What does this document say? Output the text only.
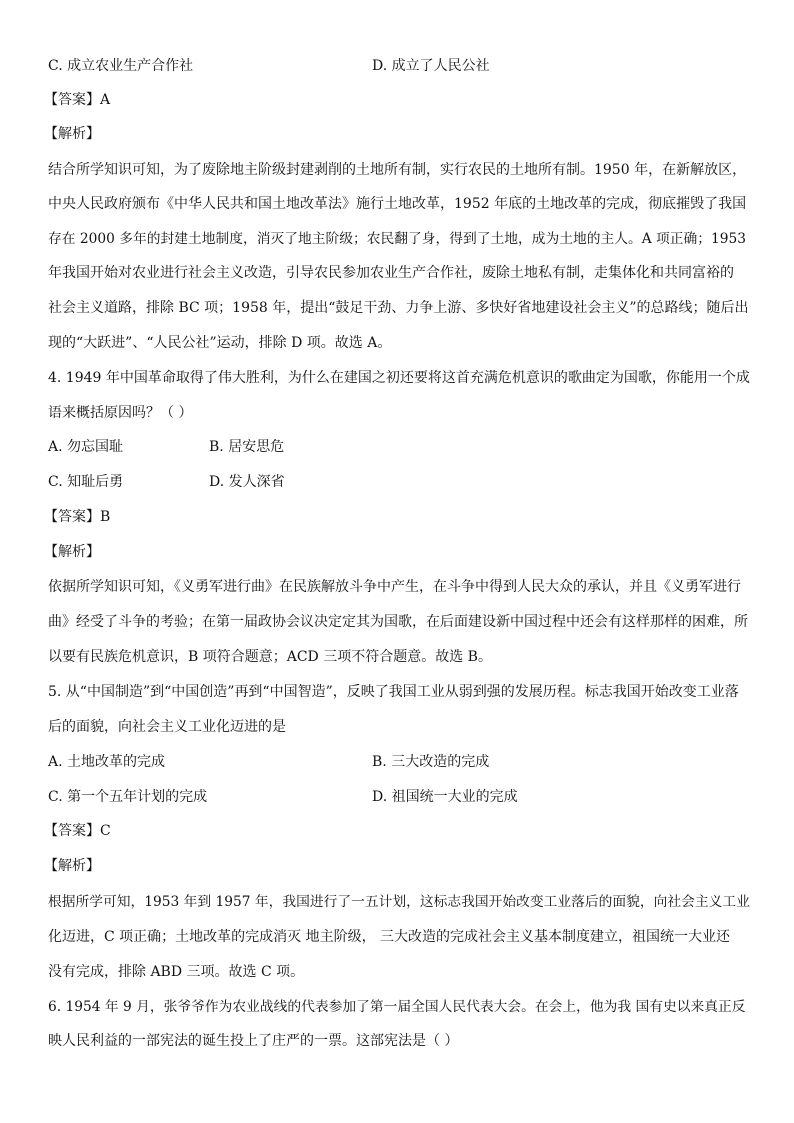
C. 成立农业生产合作社	D. 成立了人民公社
【答案】A
【解析】
结合所学知识可知，为了废除地主阶级封建剥削的土地所有制，实行农民的土地所有制。1950 年，在新解放区，
中央人民政府颁布《中华人民共和国土地改革法》施行土地改革，1952 年底的土地改革的完成，彻底摧毁了我国
存在 2000 多年的封建土地制度，消灭了地主阶级；农民翻了身，得到了土地，成为土地的主人。A 项正确；1953
年我国开始对农业进行社会主义改造，引导农民参加农业生产合作社，废除土地私有制，走集体化和共同富裕的
社会主义道路，排除 BC 项；1958 年，提出“鼓足干劲、力争上游、多快好省地建设社会主义”的总路线；随后出
现的“大跃进”、“人民公社”运动，排除 D 项。故选 A。
4. 1949 年中国革命取得了伟大胜利，为什么在建国之初还要将这首充满危机意识的歌曲定为国歌，你能用一个成
语来概括原因吗？（ ）
A. 勿忘国耻	B. 居安思危
C. 知耻后勇	D. 发人深省
【答案】B
【解析】
依据所学知识可知，《义勇军进行曲》在民族解放斗争中产生，在斗争中得到人民大众的承认，并且《义勇军进行
曲》经受了斗争的考验；在第一届政协会议决定定其为国歌，在后面建设新中国过程中还会有这样那样的困难，所
以要有民族危机意识，B 项符合题意；ACD 三项不符合题意。故选 B。
5. 从“中国制造”到“中国创造”再到“中国智造”，反映了我国工业从弱到强的发展历程。标志我国开始改变工业落
后的面貌，向社会主义工业化迈进的是
A. 土地改革的完成	B. 三大改造的完成
C. 第一个五年计划的完成	D. 祖国统一大业的完成
【答案】C
【解析】
根据所学可知，1953 年到 1957 年，我国进行了一五计划，这标志我国开始改变工业落后的面貌，向社会主义工业
化迈进，C 项正确；土地改革的完成消灭 地主阶级， 三大改造的完成社会主义基本制度建立，祖国统一大业还
没有完成，排除 ABD 三项。故选 C 项。
6. 1954 年 9 月，张爷爷作为农业战线的代表参加了第一届全国人民代表大会。在会上，他为我 国有史以来真正反
映人民利益的一部宪法的诞生投上了庄严的一票。这部宪法是（ ）
